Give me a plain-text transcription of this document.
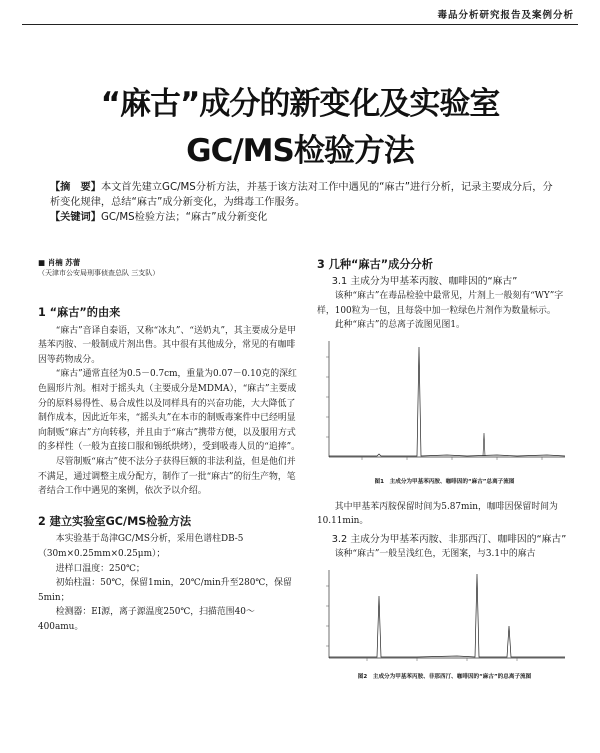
毒品分析研究报告及案例分析
“麻古”成分的新变化及实验室
GC/MS检验方法
【摘　要】本文首先建立GC/MS分析方法，并基于该方法对工作中遇见的“麻古”进行分析，记录主要成分后，分析变化规律，总结“麻古”成分新变化，为缉毒工作服务。
【关键词】GC/MS检验方法；“麻古”成分新变化
■ 肖楠 苏蕾
（天津市公安局刑事侦查总队 三支队）
1 “麻古”的由来

“麻古”音译自泰语，又称“冰丸”、“送奶丸”，其主要成分是甲基苯丙胺、一般制成片剂出售。其中很有其他成分，常见的有咖啡因等药物成分。

“麻古”通常直径为0.5－0.7cm，重量为0.07－0.10克的深红色圆形片剂。相对于摇头丸（主要成分是MDMA），“麻古”主要成分的原料易得性、易合成性以及同样具有的兴奋功能，大大降低了制作成本，因此近年来，“摇头丸”在本市的制贩毒案件中已经明显向制贩“麻古”方向转移，并且由于“麻古”携带方便，以及服用方式的多样性（一般为直接口服和锡纸烘烤），受到吸毒人员的“追捧”。

尽管制贩“麻古”使不法分子获得巨额的非法利益，但是他们并不满足，通过调整主成分配方，制作了一批“麻古”的衍生产物，笔者结合工作中遇见的案例，依次予以介绍。

2 建立实验室GC/MS检验方法

本实验基于岛津GC/MS分析，采用色谱柱DB-5（30m×0.25mm×0.25μm）；

进样口温度：250℃；

初始柱温：50℃，保留1min，20℃/min升至280℃，保留5min；

检测器：EI源，离子源温度250℃，扫描范围40～400amu。

3 几种“麻古”成分分析
3.1 主成分为甲基苯丙胺、咖啡因的“麻古”

该种“麻古”在毒品检验中最常见，片剂上一般刻有“WY”字样，100粒为一包，且每袋中加一粒绿色片剂作为数量标示。

此种“麻古”的总离子流图见图1。

图1　主成分为甲基苯丙胺、咖啡因的“麻古”总离子流图

其中甲基苯丙胺保留时间为5.87min，咖啡因保留时间为10.11min。

3.2 主成分为甲基苯丙胺、非那西汀、咖啡因的“麻古”

该种“麻古”一般呈浅红色，无图案，与3.1中的麻古

图2　主成分为甲基苯丙胺、非那西汀、咖啡因的“麻古”的总离子流图
